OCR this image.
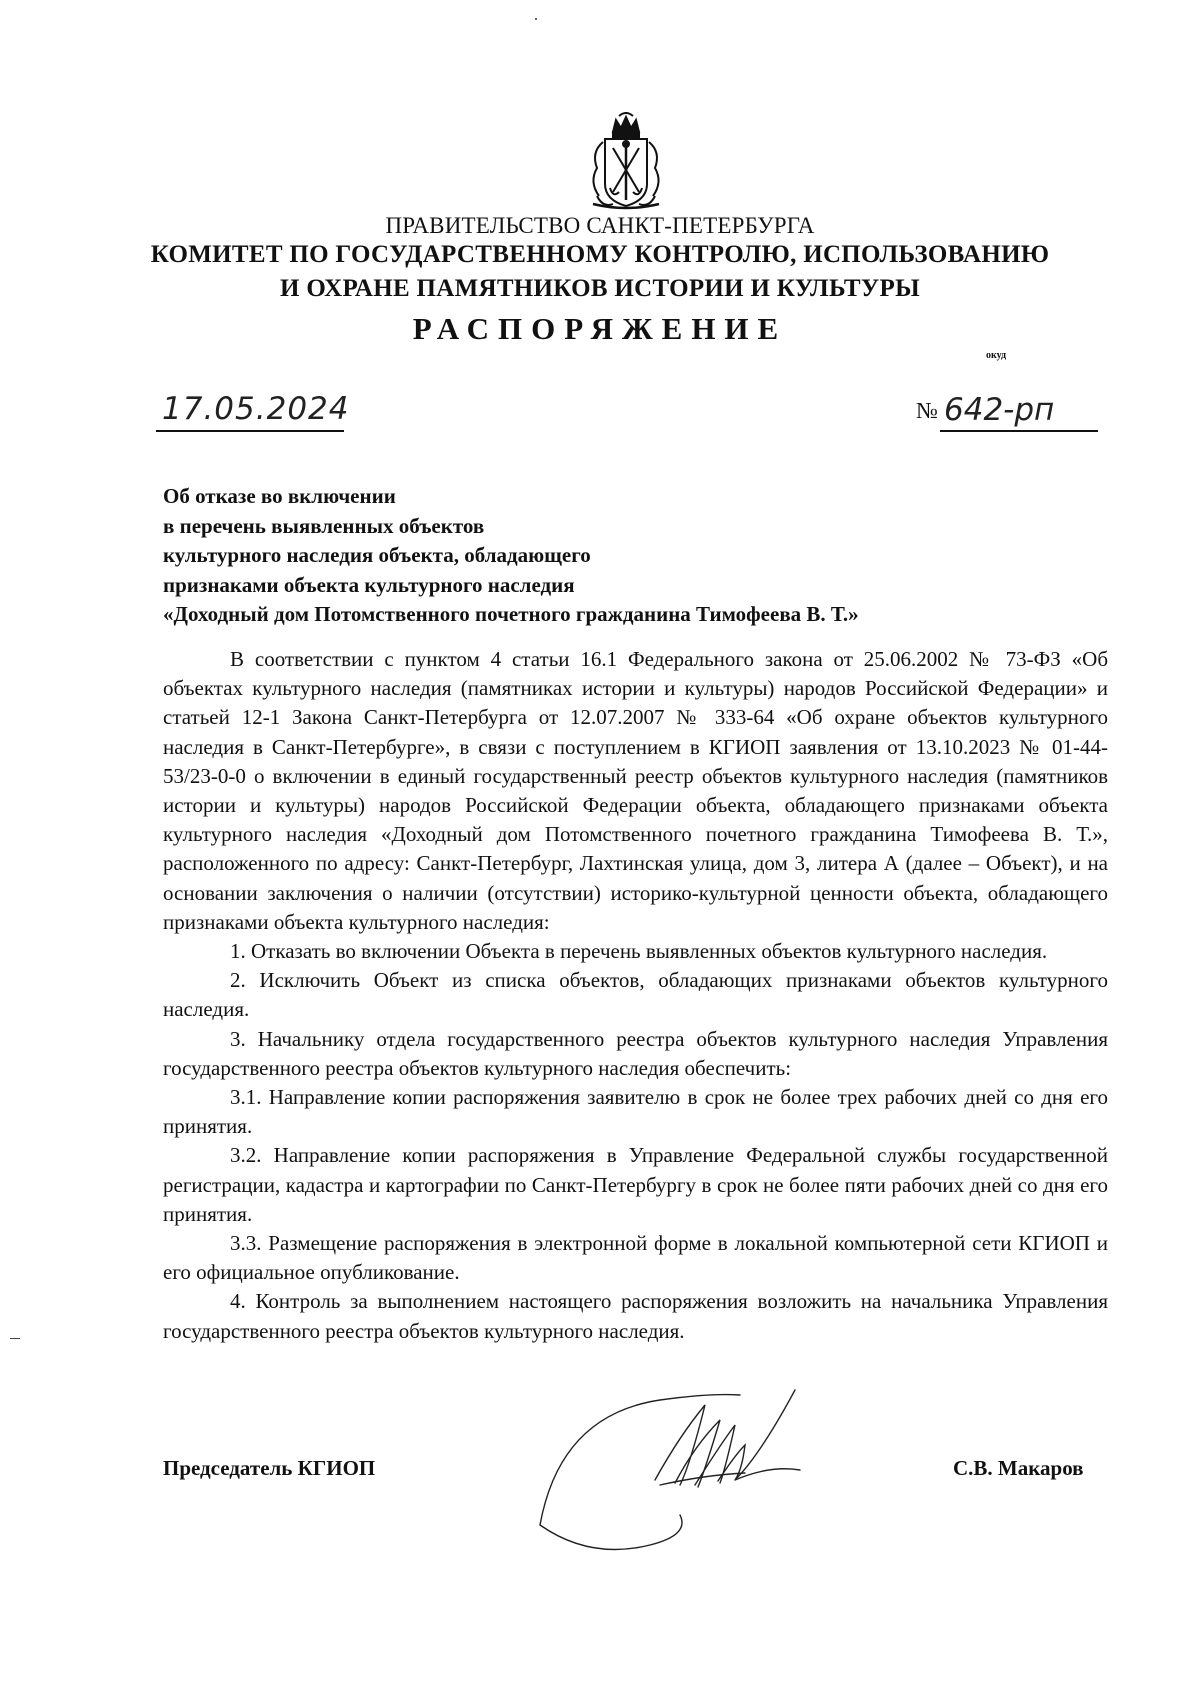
ПРАВИТЕЛЬСТВО САНКТ-ПЕТЕРБУРГА
КОМИТЕТ ПО ГОСУДАРСТВЕННОМУ КОНТРОЛЮ, ИСПОЛЬЗОВАНИЮ
И ОХРАНЕ ПАМЯТНИКОВ ИСТОРИИ И КУЛЬТУРЫ
РАСПОРЯЖЕНИЕ
окуд
17.05.2024	№ 642-рп
Об отказе во включении
в перечень выявленных объектов
культурного наследия объекта, обладающего
признаками объекта культурного наследия
«Доходный дом Потомственного почетного гражданина Тимофеева В. Т.»

В соответствии с пунктом 4 статьи 16.1 Федерального закона от 25.06.2002 № 73-ФЗ «Об объектах культурного наследия (памятниках истории и культуры) народов Российской Федерации» и статьей 12-1 Закона Санкт-Петербурга от 12.07.2007 № 333-64 «Об охране объектов культурного наследия в Санкт-Петербурге», в связи с поступлением в КГИОП заявления от 13.10.2023 № 01-44-53/23-0-0 о включении в единый государственный реестр объектов культурного наследия (памятников истории и культуры) народов Российской Федерации объекта, обладающего признаками объекта культурного наследия «Доходный дом Потомственного почетного гражданина Тимофеева В. Т.», расположенного по адресу: Санкт-Петербург, Лахтинская улица, дом 3, литера А (далее – Объект), и на основании заключения о наличии (отсутствии) историко-культурной ценности объекта, обладающего признаками объекта культурного наследия:

1. Отказать во включении Объекта в перечень выявленных объектов культурного наследия.

2. Исключить Объект из списка объектов, обладающих признаками объектов культурного наследия.

3. Начальнику отдела государственного реестра объектов культурного наследия Управления государственного реестра объектов культурного наследия обеспечить:

3.1. Направление копии распоряжения заявителю в срок не более трех рабочих дней со дня его принятия.

3.2. Направление копии распоряжения в Управление Федеральной службы государственной регистрации, кадастра и картографии по Санкт-Петербургу в срок не более пяти рабочих дней со дня его принятия.

3.3. Размещение распоряжения в электронной форме в локальной компьютерной сети КГИОП и его официальное опубликование.

4. Контроль за выполнением настоящего распоряжения возложить на начальника Управления государственного реестра объектов культурного наследия.

Председатель КГИОП	С.В. Макаров
